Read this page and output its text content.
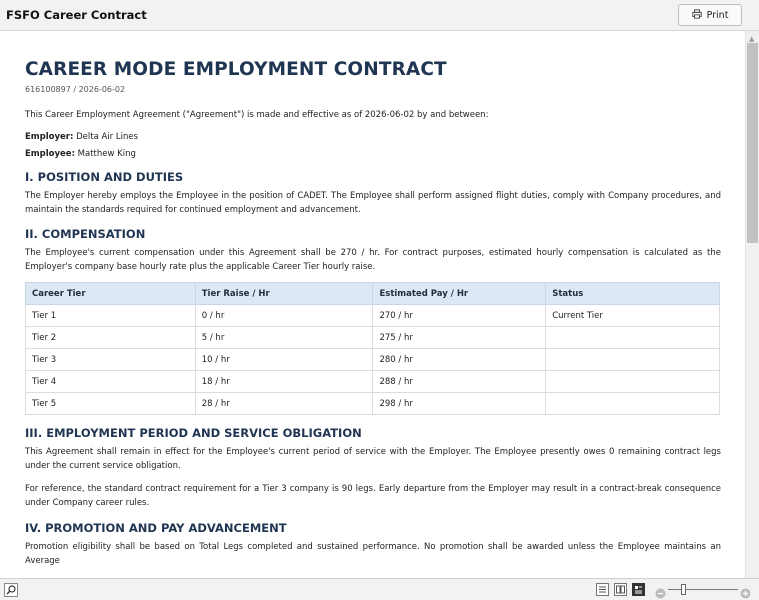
FSFO Career Contract	Print
CAREER MODE EMPLOYMENT CONTRACT
616100897 / 2026-06-02
This Career Employment Agreement ("Agreement") is made and effective as of 2026-06-02 by and between:
Employer: Delta Air Lines
Employee: Matthew King
I. POSITION AND DUTIES
The Employer hereby employs the Employee in the position of CADET. The Employee shall perform assigned flight duties, comply with Company procedures, and maintain the standards required for continued employment and advancement.
II. COMPENSATION
The Employee's current compensation under this Agreement shall be 270 / hr. For contract purposes, estimated hourly compensation is calculated as the Employer's company base hourly rate plus the applicable Career Tier hourly raise.
Career Tier	Tier Raise / Hr	Estimated Pay / Hr	Status
Tier 1	0 / hr	270 / hr	Current Tier
Tier 2	5 / hr	275 / hr	
Tier 3	10 / hr	280 / hr	
Tier 4	18 / hr	288 / hr	
Tier 5	28 / hr	298 / hr	
III. EMPLOYMENT PERIOD AND SERVICE OBLIGATION
This Agreement shall remain in effect for the Employee's current period of service with the Employer. The Employee presently owes 0 remaining contract legs under the current service obligation.
For reference, the standard contract requirement for a Tier 3 company is 90 legs. Early departure from the Employer may result in a contract-break consequence under Company career rules.
IV. PROMOTION AND PAY ADVANCEMENT
Promotion eligibility shall be based on Total Legs completed and sustained performance. No promotion shall be awarded unless the Employee maintains an Average
▲
